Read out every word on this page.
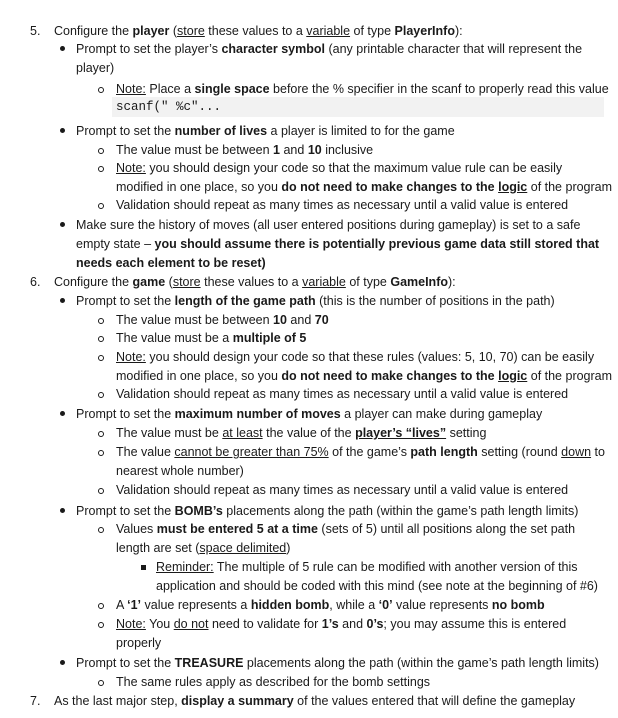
5. Configure the player (store these values to a variable of type PlayerInfo):
Prompt to set the player’s character symbol (any printable character that will represent the
player)
Note: Place a single space before the % specifier in the scanf to properly read this value
scanf(" %c"...
Prompt to set the number of lives a player is limited to for the game
The value must be between 1 and 10 inclusive
Note: you should design your code so that the maximum value rule can be easily
modified in one place, so you do not need to make changes to the logic of the program
Validation should repeat as many times as necessary until a valid value is entered
Make sure the history of moves (all user entered positions during gameplay) is set to a safe
empty state – you should assume there is potentially previous game data still stored that
needs each element to be reset)
6. Configure the game (store these values to a variable of type GameInfo):
Prompt to set the length of the game path (this is the number of positions in the path)
The value must be between 10 and 70
The value must be a multiple of 5
Note: you should design your code so that these rules (values: 5, 10, 70) can be easily
modified in one place, so you do not need to make changes to the logic of the program
Validation should repeat as many times as necessary until a valid value is entered
Prompt to set the maximum number of moves a player can make during gameplay
The value must be at least the value of the player’s “lives” setting
The value cannot be greater than 75% of the game’s path length setting (round down to
nearest whole number)
Validation should repeat as many times as necessary until a valid value is entered
Prompt to set the BOMB’s placements along the path (within the game’s path length limits)
Values must be entered 5 at a time (sets of 5) until all positions along the set path
length are set (space delimited)
Reminder: The multiple of 5 rule can be modified with another version of this
application and should be coded with this mind (see note at the beginning of #6)
A ‘1’ value represents a hidden bomb, while a ‘0’ value represents no bomb
Note: You do not need to validate for 1’s and 0’s; you may assume this is entered
properly
Prompt to set the TREASURE placements along the path (within the game’s path length limits)
The same rules apply as described for the bomb settings
7. As the last major step, display a summary of the values entered that will define the gameplay
